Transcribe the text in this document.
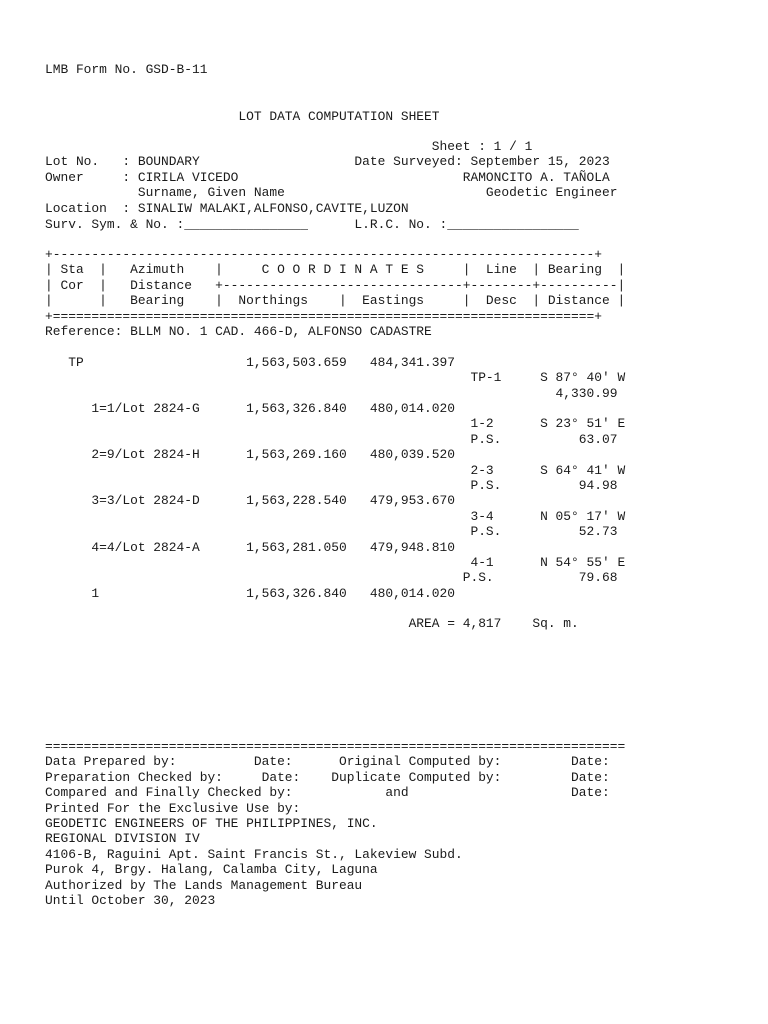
LMB Form No. GSD-B-11
LOT DATA COMPUTATION SHEET
Sheet : 1 / 1
Lot No.   : BOUNDARY                    Date Surveyed: September 15, 2023
Owner     : CIRILA VICEDO                             RAMONCITO A. TAÑOLA
Surname, Given Name                          Geodetic Engineer
Location  : SINALIW MALAKI,ALFONSO,CAVITE,LUZON
Surv. Sym. & No. :________________      L.R.C. No. :_________________
+----------------------------------------------------------------------+
| Sta  |   Azimuth    |     C O O R D I N A T E S     |  Line  | Bearing  |
| Cor  |   Distance   +-------------------------------+--------+----------|
|      |   Bearing    |  Northings    |  Eastings     |  Desc  | Distance |
+======================================================================+
Reference: BLLM NO. 1 CAD. 466-D, ALFONSO CADASTRE
TP                     1,563,503.659   484,341.397
TP-1     S 87° 40' W
4,330.99
1=1/Lot 2824-G      1,563,326.840   480,014.020
1-2      S 23° 51' E
P.S.          63.07
2=9/Lot 2824-H      1,563,269.160   480,039.520
2-3      S 64° 41' W
P.S.          94.98
3=3/Lot 2824-D      1,563,228.540   479,953.670
3-4      N 05° 17' W
P.S.          52.73
4=4/Lot 2824-A      1,563,281.050   479,948.810
4-1      N 54° 55' E
P.S.           79.68
1                   1,563,326.840   480,014.020
AREA = 4,817    Sq. m.
===========================================================================
Data Prepared by:          Date:      Original Computed by:         Date:
Preparation Checked by:     Date:    Duplicate Computed by:         Date:
Compared and Finally Checked by:            and                     Date:
Printed For the Exclusive Use by:
GEODETIC ENGINEERS OF THE PHILIPPINES, INC.
REGIONAL DIVISION IV
4106-B, Raguini Apt. Saint Francis St., Lakeview Subd.
Purok 4, Brgy. Halang, Calamba City, Laguna
Authorized by The Lands Management Bureau
Until October 30, 2023
